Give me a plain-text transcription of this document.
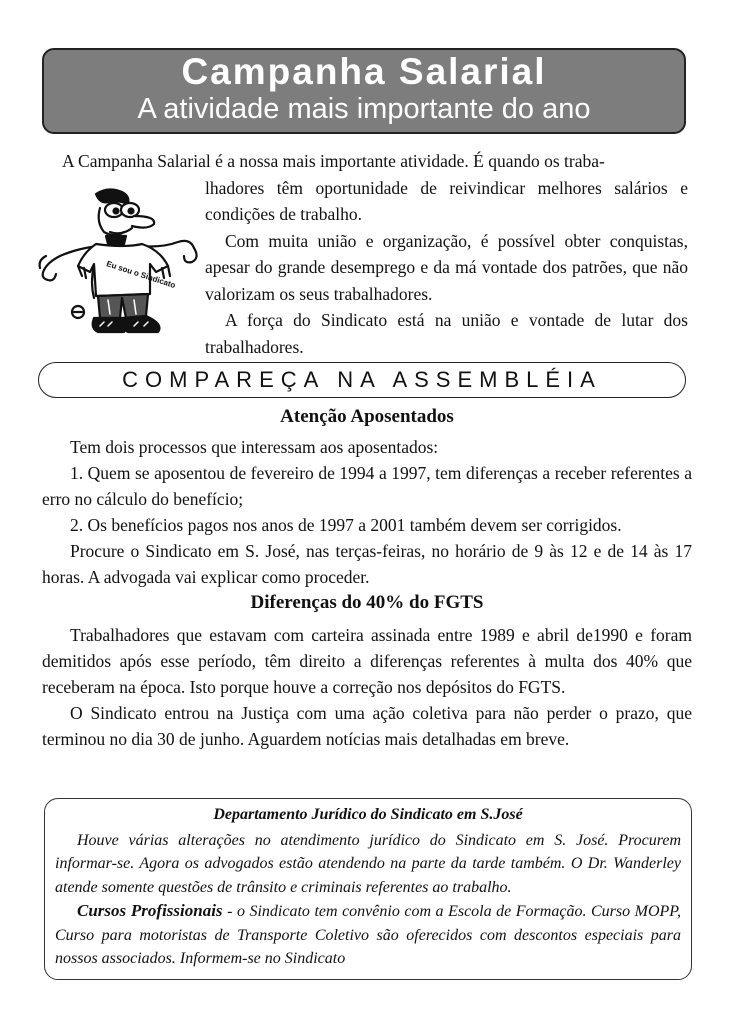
Campanha Salarial
A atividade mais importante do ano

A Campanha Salarial é a nossa mais importante atividade. É quando os traba-

lhadores têm oportunidade de reivindicar melhores salários e condições de trabalho.

Com muita união e organização, é possível obter conquistas, apesar do grande desemprego e da má vontade dos patrões, que não valorizam os seus trabalhadores.

A força do Sindicato está na união e vontade de lutar dos trabalhadores.

Eu sou o Sindicato
COMPAREÇA NA ASSEMBLÉIA
Atenção Aposentados

Tem dois processos que interessam aos aposentados:

1. Quem se aposentou de fevereiro de 1994 a 1997, tem diferenças a receber referentes a erro no cálculo do benefício;

2. Os benefícios pagos nos anos de 1997 a 2001 também devem ser corrigidos.

Procure o Sindicato em S. José, nas terças-feiras, no horário de 9 às 12 e de 14 às 17 horas. A advogada vai explicar como proceder.

Diferenças do 40% do FGTS

Trabalhadores que estavam com carteira assinada entre 1989 e abril de1990 e foram demitidos após esse período, têm direito a diferenças referentes à multa dos 40% que receberam na época. Isto porque houve a correção nos depósitos do FGTS.

O Sindicato entrou na Justiça com uma ação coletiva para não perder o prazo, que terminou no dia 30 de junho. Aguardem notícias mais detalhadas em breve.

Departamento Jurídico do Sindicato em S.José

Houve várias alterações no atendimento jurídico do Sindicato em S. José. Procurem informar-se. Agora os advogados estão atendendo na parte da tarde também. O Dr. Wanderley atende somente questões de trânsito e criminais referentes ao trabalho.

Cursos Profissionais - o Sindicato tem convênio com a Escola de Formação. Curso MOPP, Curso para motoristas de Transporte Coletivo são oferecidos com descontos especiais para nossos associados. Informem-se no Sindicato
